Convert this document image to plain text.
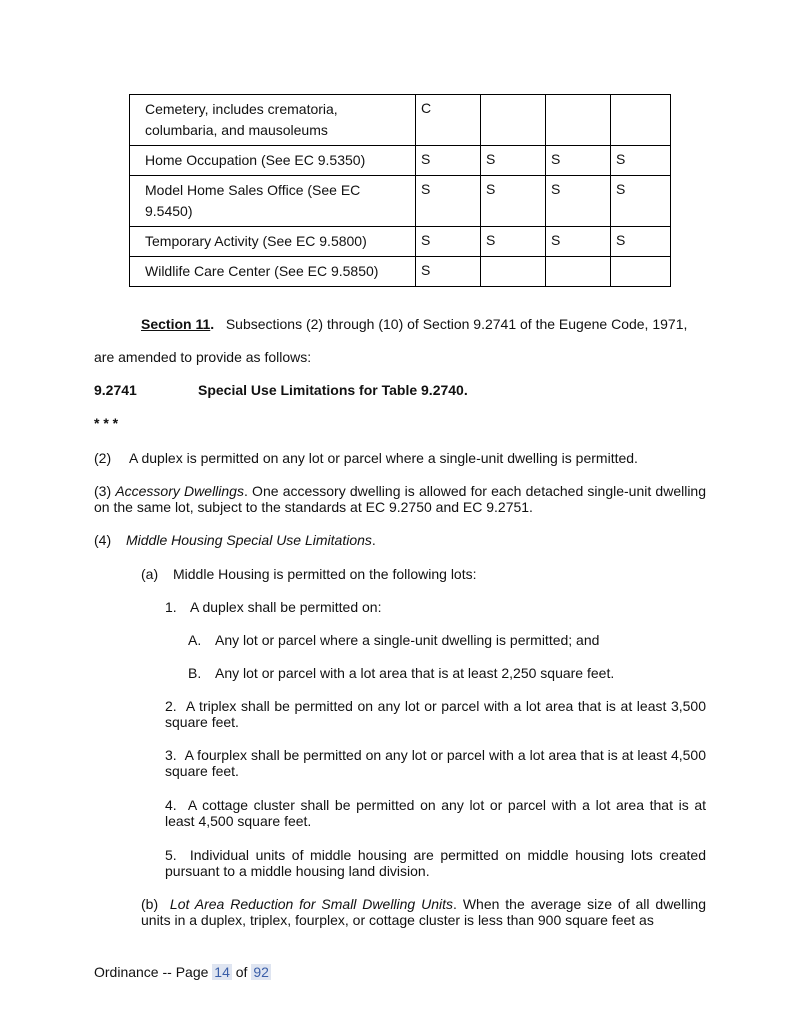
Cemetery, includes crematoria, columbaria, and mausoleums	C			
Home Occupation (See EC 9.5350)	S	S	S	S
Model Home Sales Office (See EC 9.5450)	S	S	S	S
Temporary Activity (See EC 9.5800)	S	S	S	S
Wildlife Care Center (See EC 9.5850)	S			
Section 11. Subsections (2) through (10) of Section 9.2741 of the Eugene Code, 1971,
are amended to provide as follows:
9.2741	Special Use Limitations for Table 9.2740.
* * *
(2) A duplex is permitted on any lot or parcel where a single-unit dwelling is permitted.
(3) Accessory Dwellings. One accessory dwelling is allowed for each detached single-unit dwelling on the same lot, subject to the standards at EC 9.2750 and EC 9.2751.
(4) Middle Housing Special Use Limitations.
(a) Middle Housing is permitted on the following lots:
1. A duplex shall be permitted on:
A. Any lot or parcel where a single-unit dwelling is permitted; and
B. Any lot or parcel with a lot area that is at least 2,250 square feet.
2. A triplex shall be permitted on any lot or parcel with a lot area that is at least 3,500 square feet.
3. A fourplex shall be permitted on any lot or parcel with a lot area that is at least 4,500 square feet.
4. A cottage cluster shall be permitted on any lot or parcel with a lot area that is at least 4,500 square feet.
5. Individual units of middle housing are permitted on middle housing lots created pursuant to a middle housing land division.
(b) Lot Area Reduction for Small Dwelling Units. When the average size of all dwelling units in a duplex, triplex, fourplex, or cottage cluster is less than 900 square feet as
Ordinance -- Page 14 of 92
